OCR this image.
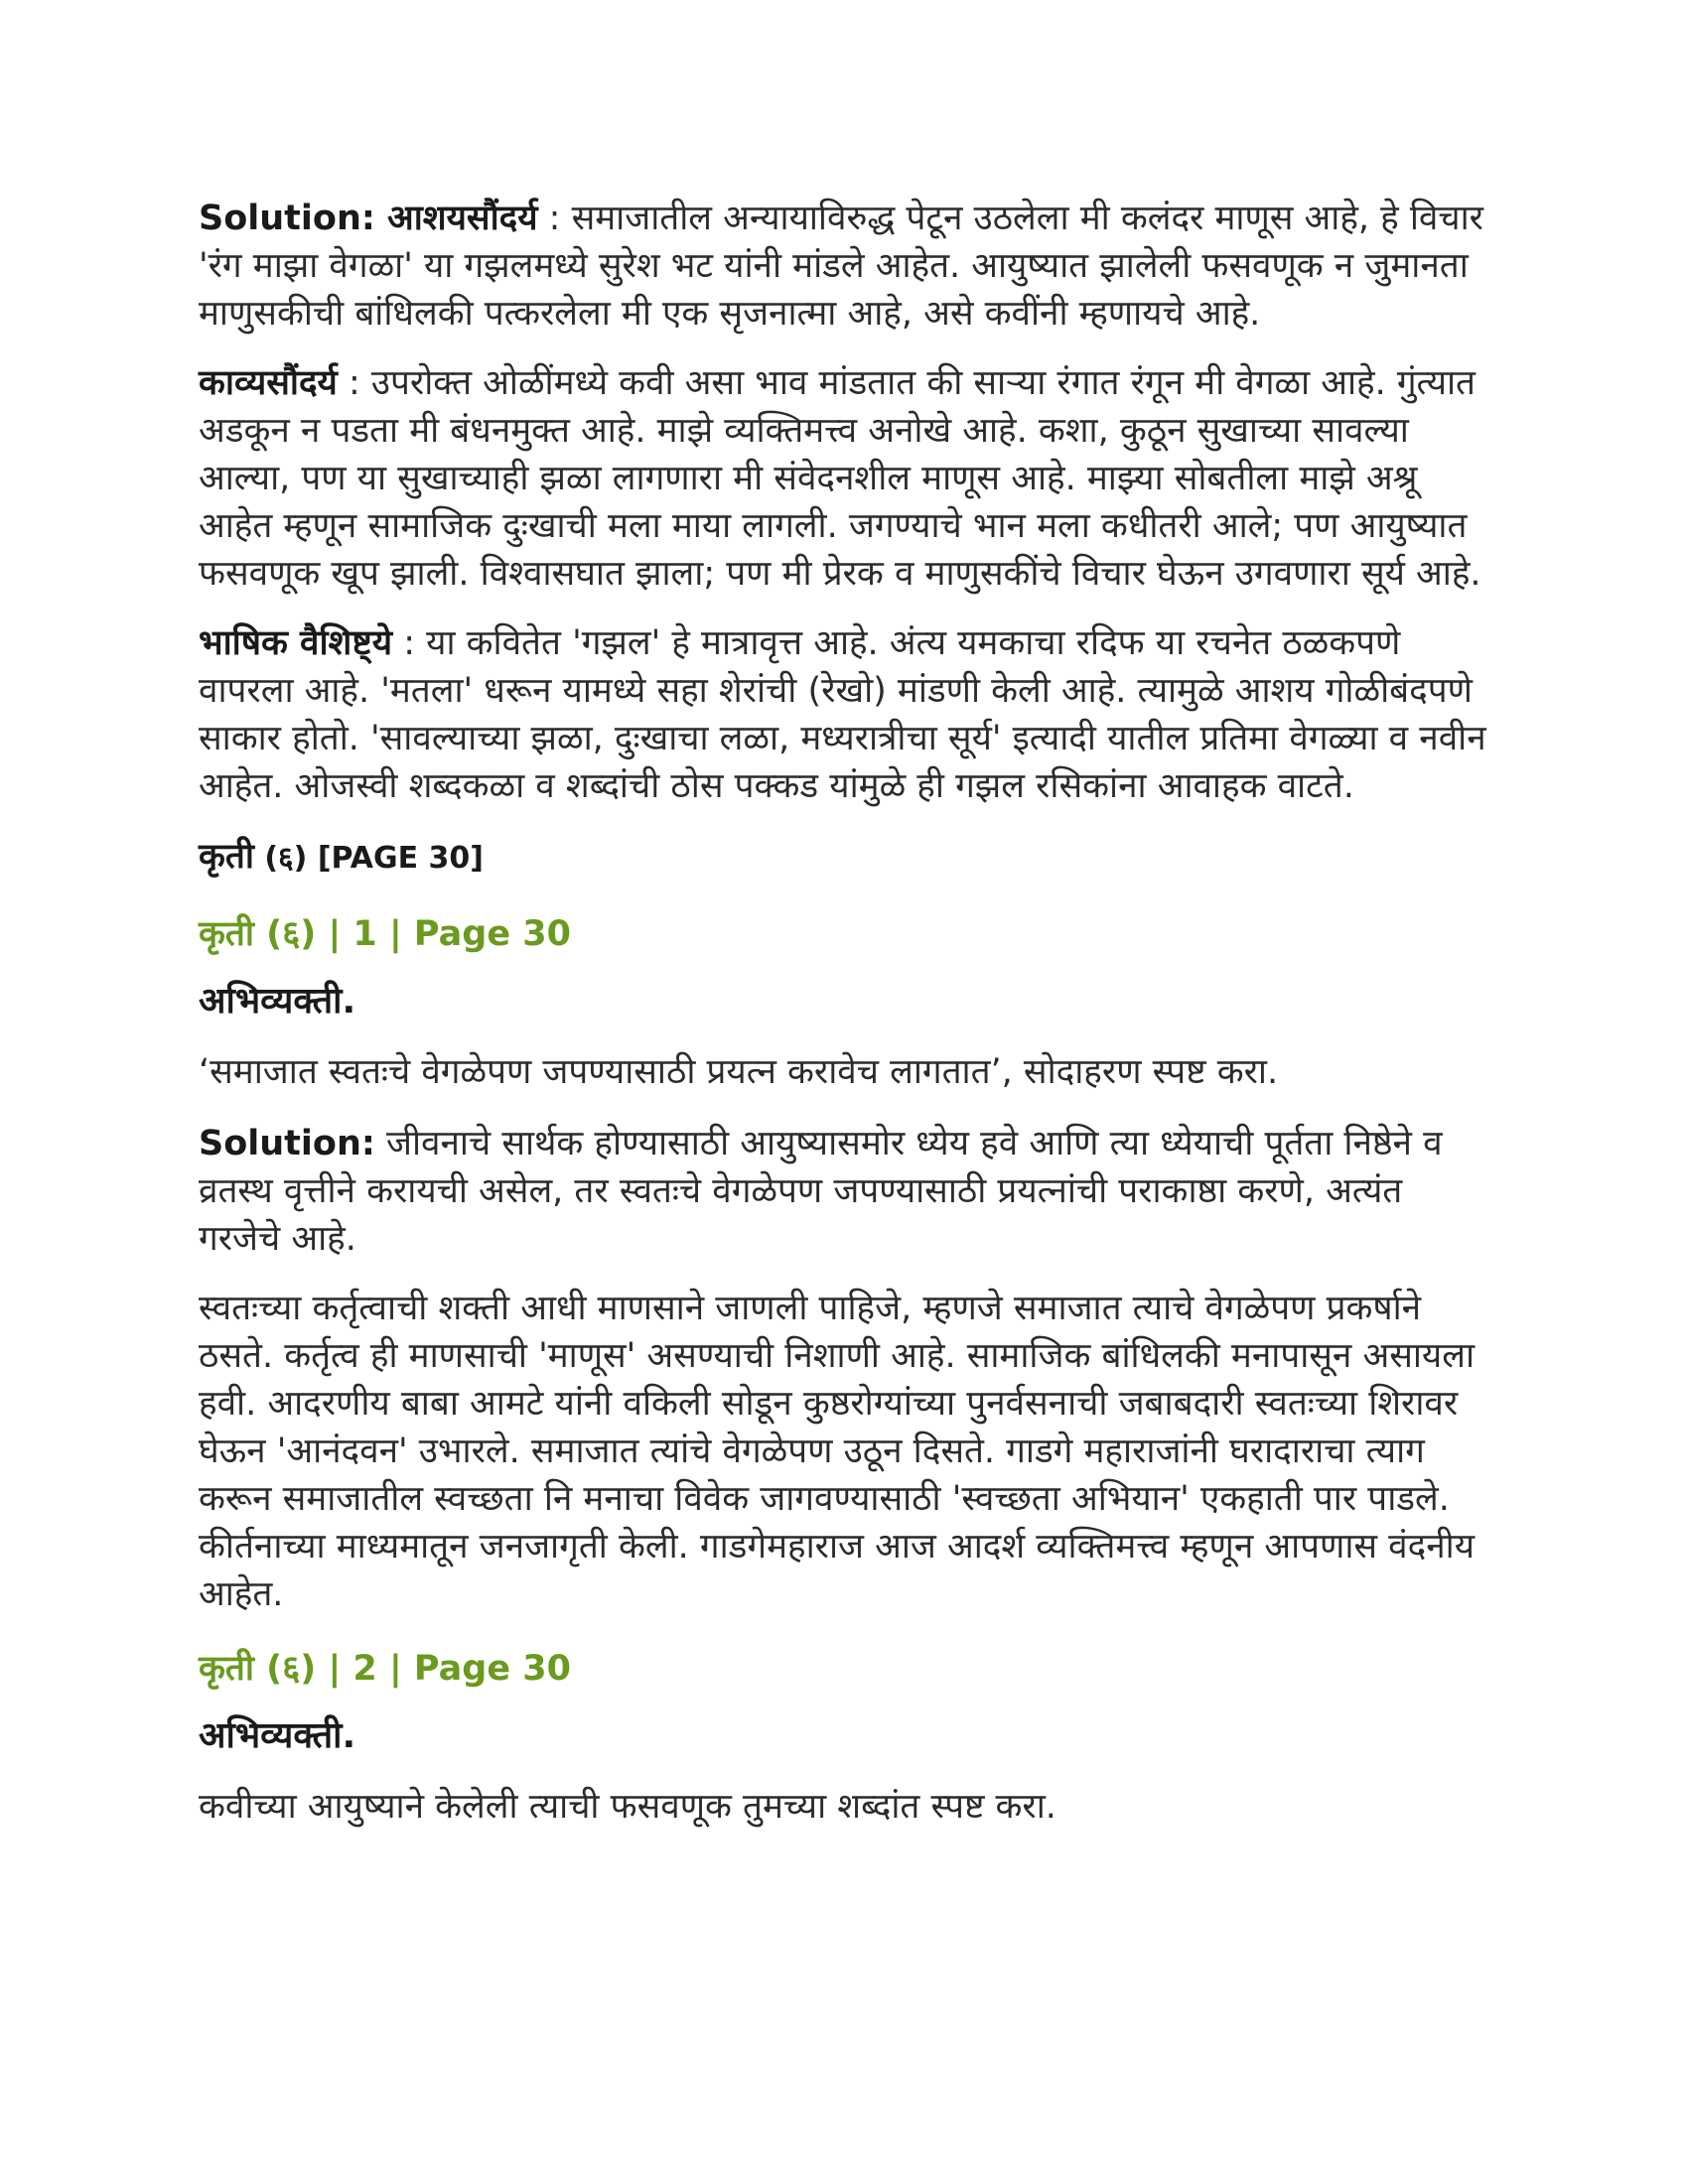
Solution: आशयसौंदर्य : समाजातील अन्यायाविरुद्ध पेटून उठलेला मी कलंदर माणूस आहे, हे विचार 'रंग माझा वेगळा' या गझलमध्ये सुरेश भट यांनी मांडले आहेत. आयुष्यात झालेली फसवणूक न जुमानता माणुसकीची बांधिलकी पत्करलेला मी एक सृजनात्मा आहे, असे कवींनी म्हणायचे आहे.

काव्यसौंदर्य : उपरोक्त ओळींमध्ये कवी असा भाव मांडतात की साऱ्या रंगात रंगून मी वेगळा आहे. गुंत्यात अडकून न पडता मी बंधनमुक्त आहे. माझे व्यक्तिमत्त्व अनोखे आहे. कशा, कुठून सुखाच्या सावल्या आल्या, पण या सुखाच्याही झळा लागणारा मी संवेदनशील माणूस आहे. माझ्या सोबतीला माझे अश्रू आहेत म्हणून सामाजिक दुःखाची मला माया लागली. जगण्याचे भान मला कधीतरी आले; पण आयुष्यात फसवणूक खूप झाली. विश्वासघात झाला; पण मी प्रेरक व माणुसकींचे विचार घेऊन उगवणारा सूर्य आहे.

भाषिक वैशिष्ट्ये : या कवितेत 'गझल' हे मात्रावृत्त आहे. अंत्य यमकाचा रदिफ या रचनेत ठळकपणे वापरला आहे. 'मतला' धरून यामध्ये सहा शेरांची (रेखो) मांडणी केली आहे. त्यामुळे आशय गोळीबंदपणे साकार होतो. 'सावल्याच्या झळा, दुःखाचा लळा, मध्यरात्रीचा सूर्य' इत्यादी यातील प्रतिमा वेगळ्या व नवीन आहेत. ओजस्वी शब्दकळा व शब्दांची ठोस पक्कड यांमुळे ही गझल रसिकांना आवाहक वाटते.

कृती (६) [PAGE 30]
कृती (६) | 1 | Page 30
अभिव्यक्ती.

‘समाजात स्वतःचे वेगळेपण जपण्यासाठी प्रयत्न करावेच लागतात’, सोदाहरण स्पष्ट करा.

Solution: जीवनाचे सार्थक होण्यासाठी आयुष्यासमोर ध्येय हवे आणि त्या ध्येयाची पूर्तता निष्ठेने व व्रतस्थ वृत्तीने करायची असेल, तर स्वतःचे वेगळेपण जपण्यासाठी प्रयत्नांची पराकाष्ठा करणे, अत्यंत गरजेचे आहे.

स्वतःच्या कर्तृत्वाची शक्ती आधी माणसाने जाणली पाहिजे, म्हणजे समाजात त्याचे वेगळेपण प्रकर्षाने ठसते. कर्तृत्व ही माणसाची 'माणूस' असण्याची निशाणी आहे. सामाजिक बांधिलकी मनापासून असायला हवी. आदरणीय बाबा आमटे यांनी वकिली सोडून कुष्ठरोग्यांच्या पुनर्वसनाची जबाबदारी स्वतःच्या शिरावर घेऊन 'आनंदवन' उभारले. समाजात त्यांचे वेगळेपण उठून दिसते. गाडगे महाराजांनी घरादाराचा त्याग करून समाजातील स्वच्छता नि मनाचा विवेक जागवण्यासाठी 'स्वच्छता अभियान' एकहाती पार पाडले. कीर्तनाच्या माध्यमातून जनजागृती केली. गाडगेमहाराज आज आदर्श व्यक्तिमत्त्व म्हणून आपणास वंदनीय आहेत.

कृती (६) | 2 | Page 30
अभिव्यक्ती.

कवीच्या आयुष्याने केलेली त्याची फसवणूक तुमच्या शब्दांत स्पष्ट करा.
